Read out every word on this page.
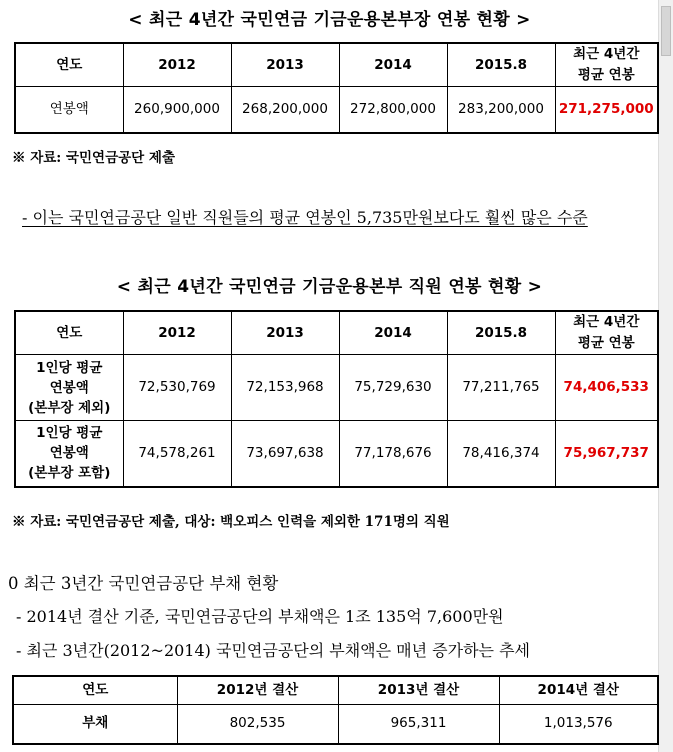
< 최근 4년간 국민연금 기금운용본부장 연봉 현황 >
연도	2012	2013	2014	2015.8	최근 4년간
평균 연봉

연봉액	260,900,000	268,200,000	272,800,000	283,200,000	271,275,000
※ 자료: 국민연금공단 제출
- 이는 국민연금공단 일반 직원들의 평균 연봉인 5,735만원보다도 훨씬 많은 수준
< 최근 4년간 국민연금 기금운용본부 직원 연봉 현황 >
연도	2012	2013	2014	2015.8	최근 4년간
평균 연봉

1인당 평균
연봉액
(본부장 제외)	72,530,769	72,153,968	75,729,630	77,211,765	74,406,533

1인당 평균
연봉액
(본부장 포함)	74,578,261	73,697,638	77,178,676	78,416,374	75,967,737
※ 자료: 국민연금공단 제출, 대상: 백오피스 인력을 제외한 171명의 직원
0 최근 3년간 국민연금공단 부채 현황
- 2014년 결산 기준, 국민연금공단의 부채액은 1조 135억 7,600만원
- 최근 3년간(2012~2014) 국민연금공단의 부채액은 매년 증가하는 추세
연도	2012년 결산	2013년 결산	2014년 결산
부채	802,535	965,311	1,013,576
